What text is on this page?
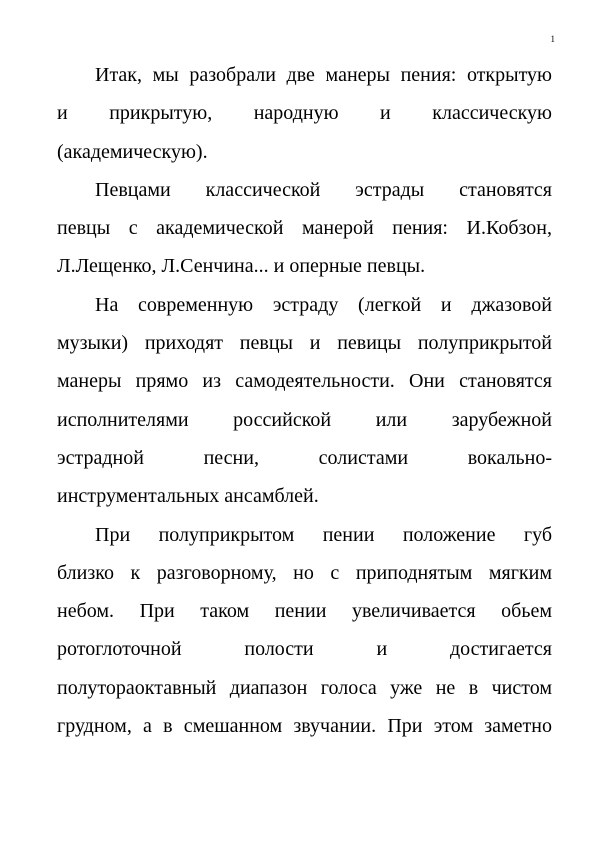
1
Итак, мы разобрали две манеры пения: открытую
и прикрытую, народную и классическую
(академическую).
Певцами классической эстрады становятся
певцы с академической манерой пения: И.Кобзон,
Л.Лещенко, Л.Сенчина... и оперные певцы.
На современную эстраду (легкой и джазовой
музыки) приходят певцы и певицы полуприкрытой
манеры прямо из самодеятельности. Они становятся
исполнителями российской или зарубежной
эстрадной песни, солистами вокально-
инструментальных ансамблей.
При полуприкрытом пении положение губ
близко к разговорному, но с приподнятым мягким
небом. При таком пении увеличивается обьем
ротоглоточной полости и достигается
полутораоктавный диапазон голоса уже не в чистом
грудном, а в смешанном звучании. При этом заметно
